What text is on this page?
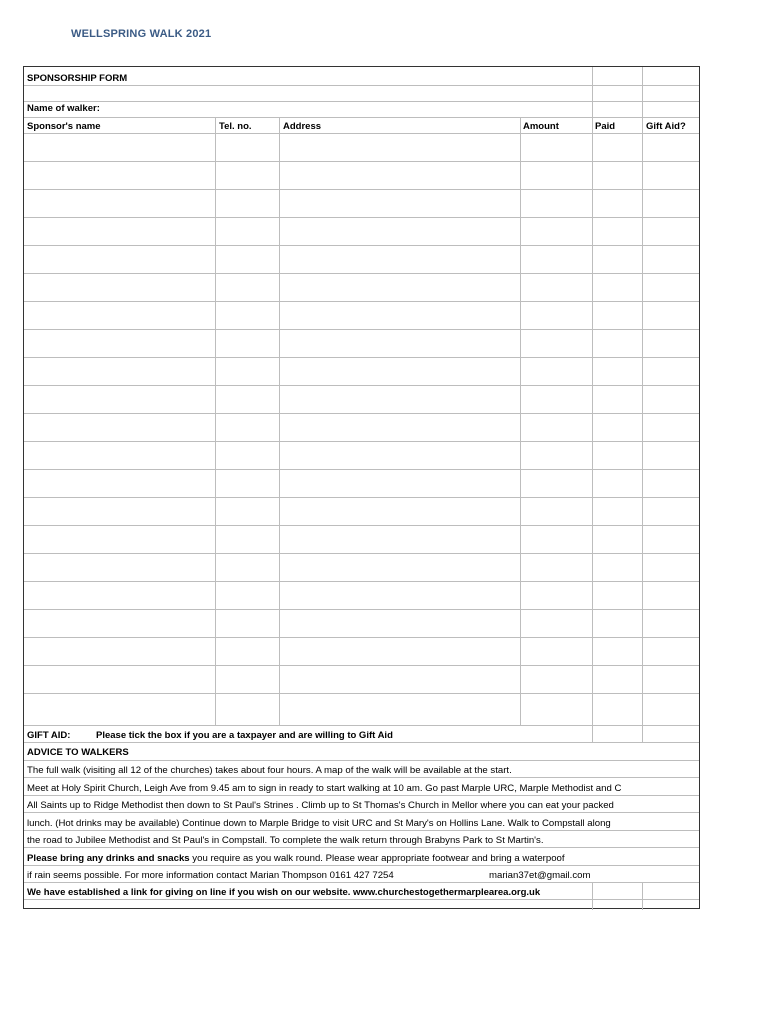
WELLSPRING WALK 2021
SPONSORSHIP FORM
Name of walker:
Sponsor's name	Tel. no.	Address	Amount	Paid	Gift Aid?
GIFT AID:	Please tick the box if you are a taxpayer and are willing to Gift Aid
ADVICE TO WALKERS
The full walk (visiting all 12 of the churches) takes about four hours. A map of the walk will be available at the start.
Meet at Holy Spirit Church, Leigh Ave from 9.45 am to sign in ready to start walking at 10 am. Go past Marple URC, Marple Methodist and C
All Saints up to Ridge Methodist then down to St Paul's Strines . Climb up to St Thomas's Church in Mellor where you can eat your packed
lunch. (Hot drinks may be available) Continue down to Marple Bridge to visit URC and St Mary's on Hollins Lane. Walk to Compstall along
the road to Jubilee Methodist and St Paul's in Compstall. To complete the walk return through Brabyns Park to St Martin's.
Please bring any drinks and snacks you require as you walk round. Please wear appropriate footwear and bring a waterpoof
if rain seems possible. For more information contact Marian Thompson 0161 427 7254	marian37et@gmail.com
We have established a link for giving on line if you wish on our website. www.churchestogethermarplearea.org.uk
